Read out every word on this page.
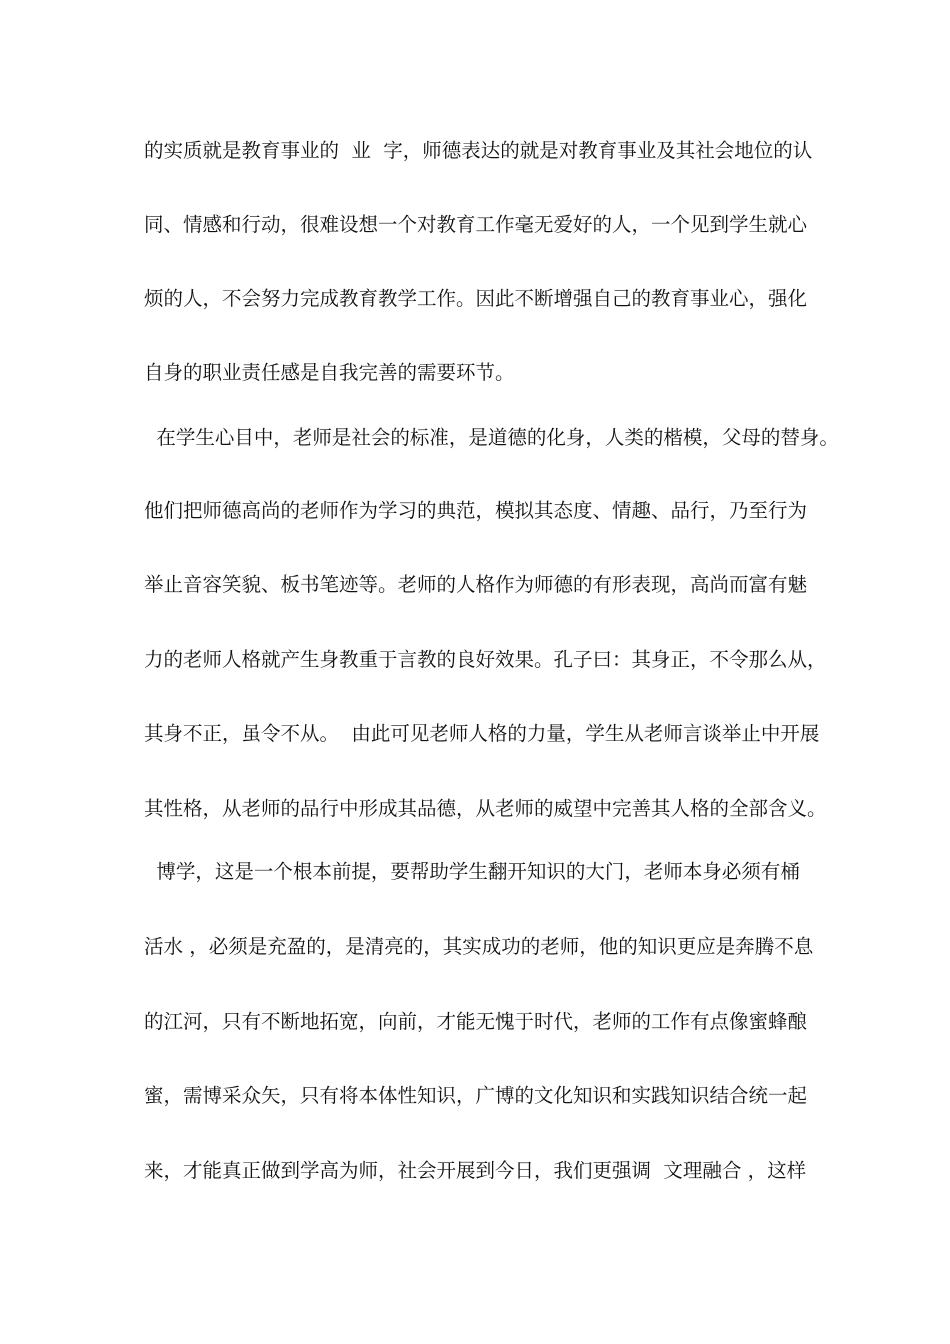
的实质就是教育事业的  业  字，师德表达的就是对教育事业及其社会地位的认
同、情感和行动，很难设想一个对教育工作毫无爱好的人，一个见到学生就心
烦的人，不会努力完成教育教学工作。因此不断增强自己的教育事业心，强化
自身的职业责任感是自我完善的需要环节。
在学生心目中，老师是社会的标准，是道德的化身，人类的楷模，父母的替身。
他们把师德高尚的老师作为学习的典范，模拟其态度、情趣、品行，乃至行为
举止音容笑貌、板书笔迹等。老师的人格作为师德的有形表现，高尚而富有魅
力的老师人格就产生身教重于言教的良好效果。孔子曰：其身正，不令那么从，
其身不正，虽令不从。  由此可见老师人格的力量，学生从老师言谈举止中开展
其性格，从老师的品行中形成其品德，从老师的威望中完善其人格的全部含义。
博学，这是一个根本前提，要帮助学生翻开知识的大门，老师本身必须有桶
活水 ，必须是充盈的，是清亮的，其实成功的老师，他的知识更应是奔腾不息
的江河，只有不断地拓宽，向前，才能无愧于时代，老师的工作有点像蜜蜂酿
蜜，需博采众矢，只有将本体性知识，广博的文化知识和实践知识结合统一起
来，才能真正做到学高为师，社会开展到今日，我们更强调  文理融合 ，这样
